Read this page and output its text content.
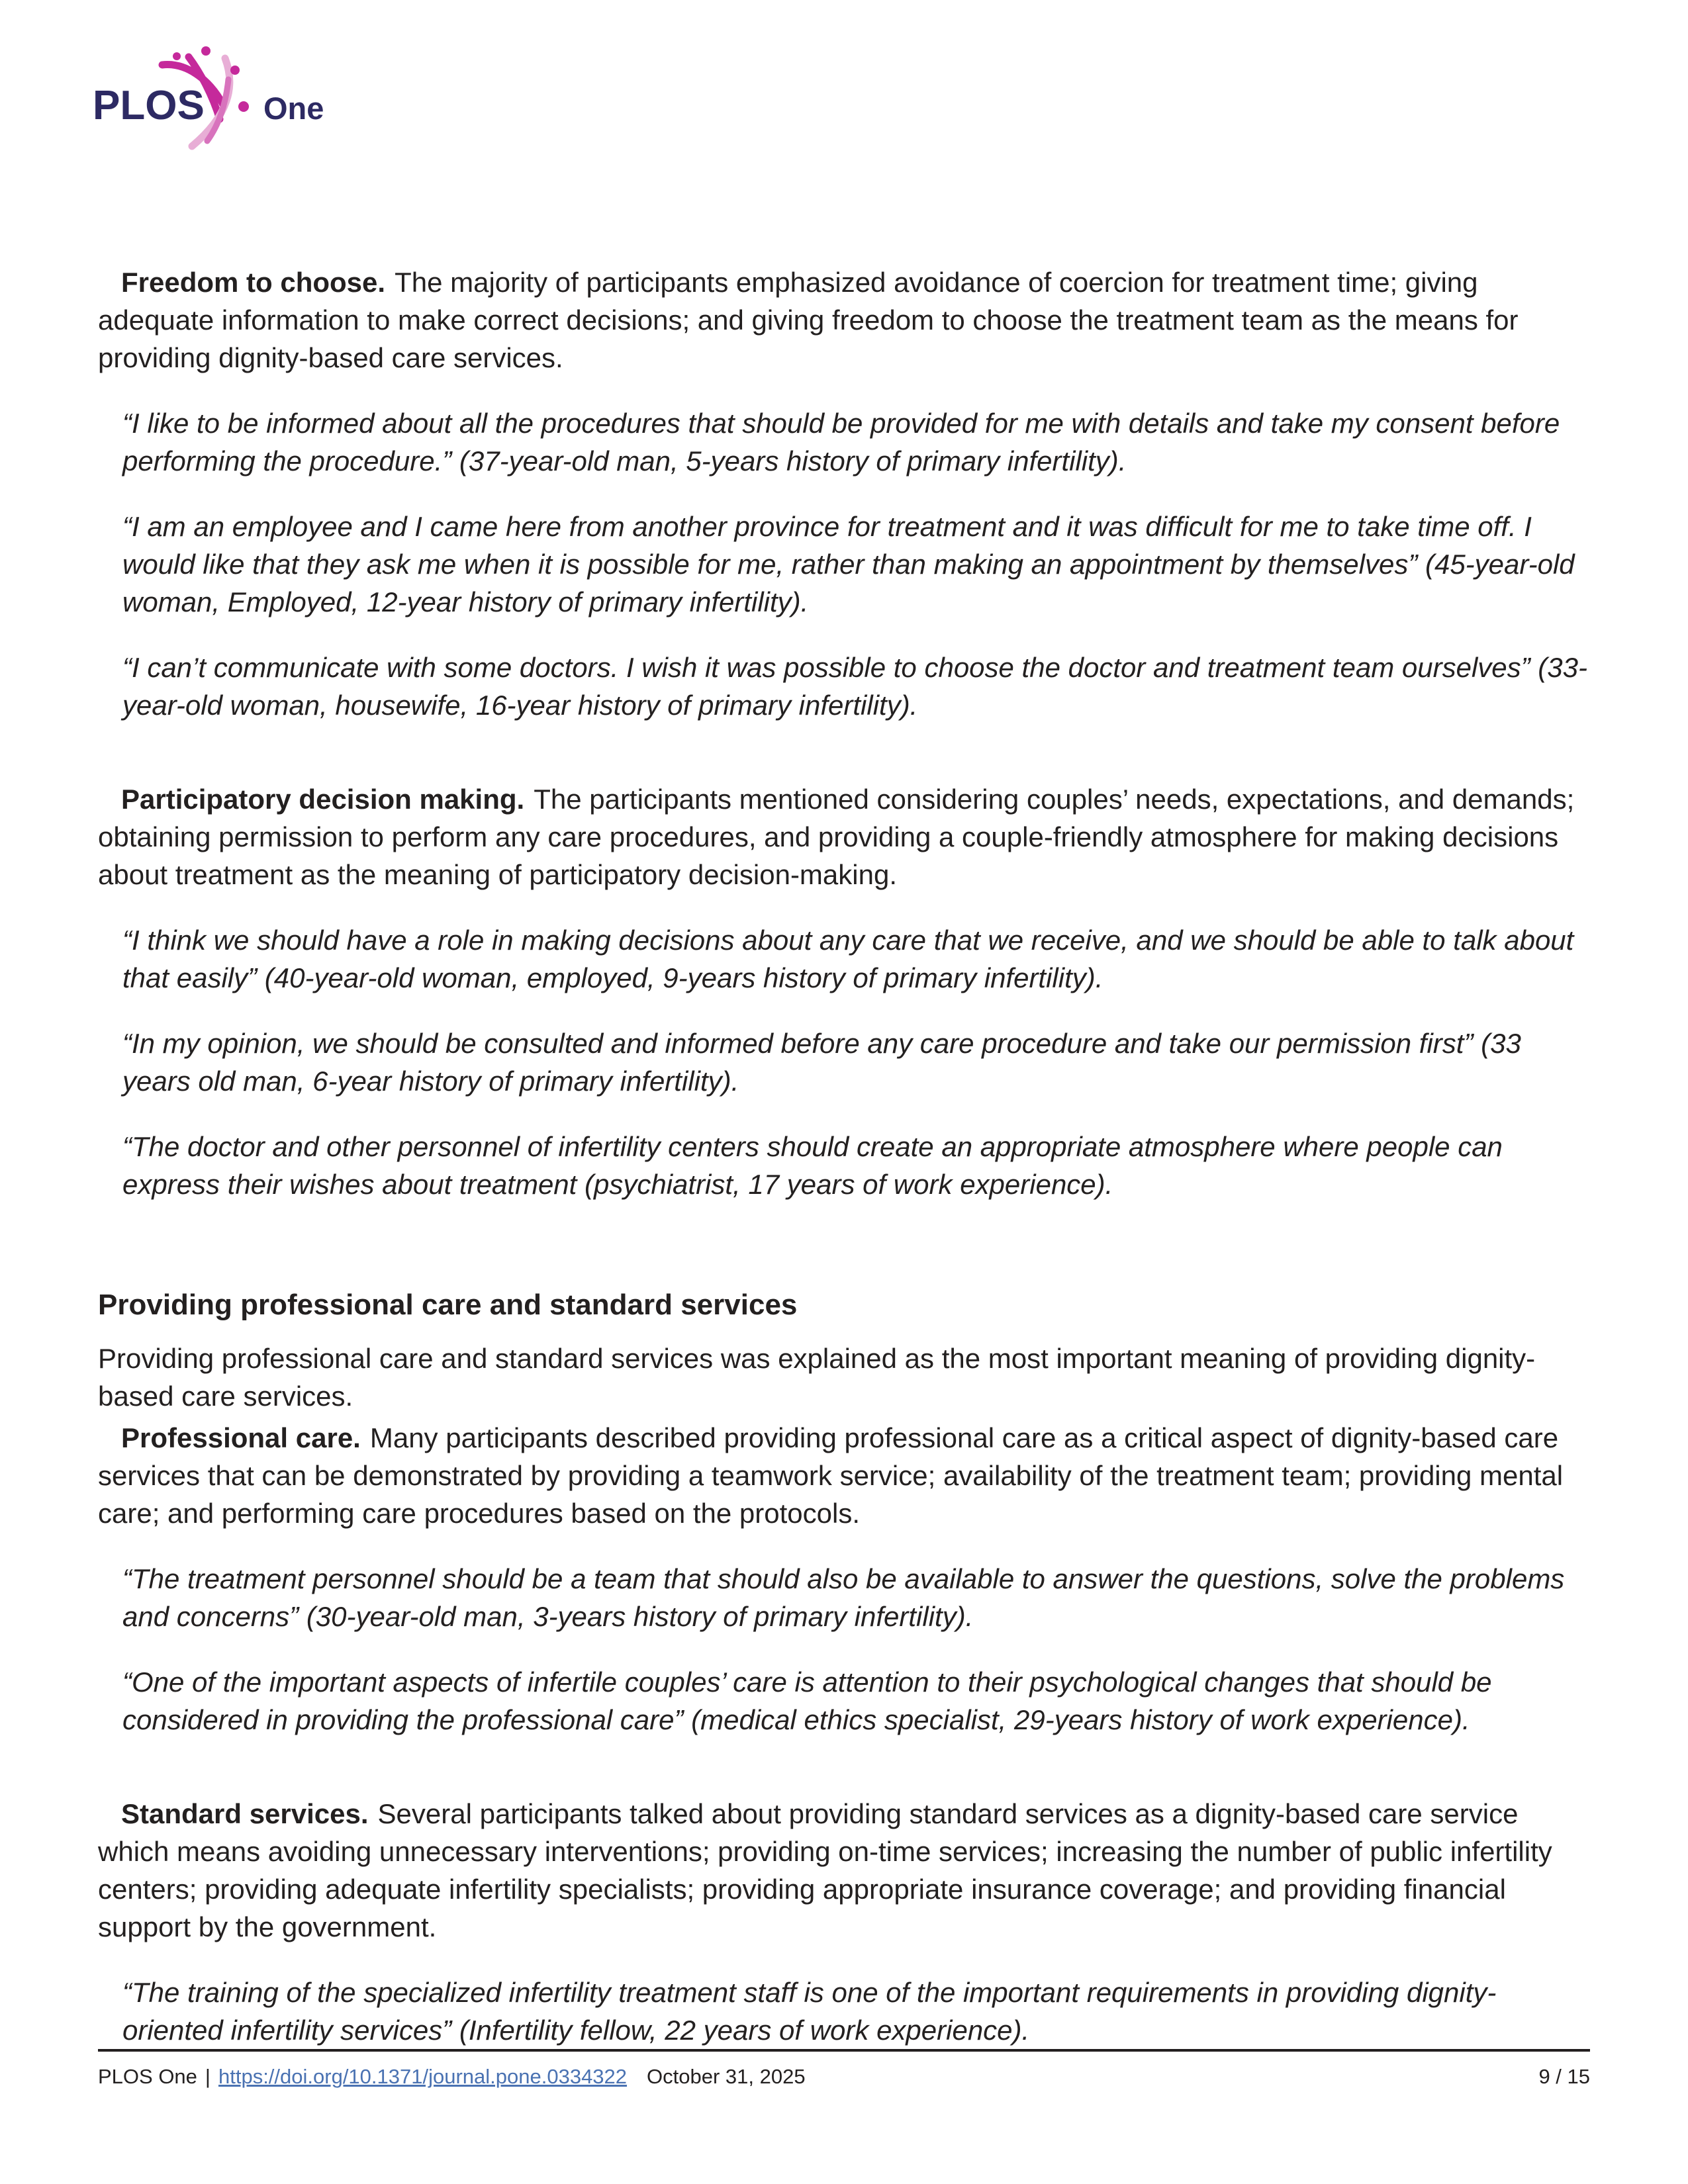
PLOS One

Freedom to choose. The majority of participants emphasized avoidance of coercion for treatment time; giving adequate information to make correct decisions; and giving freedom to choose the treatment team as the means for providing dignity-based care services.

“I like to be informed about all the procedures that should be provided for me with details and take my consent before performing the procedure.” (37-year-old man, 5-years history of primary infertility).
“I am an employee and I came here from another province for treatment and it was difficult for me to take time off. I would like that they ask me when it is possible for me, rather than making an appointment by themselves” (45-year-old woman, Employed, 12-year history of primary infertility).
“I can’t communicate with some doctors. I wish it was possible to choose the doctor and treatment team ourselves” (33-year-old woman, housewife, 16-year history of primary infertility).

Participatory decision making. The participants mentioned considering couples’ needs, expectations, and demands; obtaining permission to perform any care procedures, and providing a couple-friendly atmosphere for making decisions about treatment as the meaning of participatory decision-making.

“I think we should have a role in making decisions about any care that we receive, and we should be able to talk about that easily” (40-year-old woman, employed, 9-years history of primary infertility).
“In my opinion, we should be consulted and informed before any care procedure and take our permission first” (33 years old man, 6-year history of primary infertility).
“The doctor and other personnel of infertility centers should create an appropriate atmosphere where people can express their wishes about treatment (psychiatrist, 17 years of work experience).
Providing professional care and standard services

Providing professional care and standard services was explained as the most important meaning of providing dignity-based care services.

Professional care. Many participants described providing professional care as a critical aspect of dignity-based care services that can be demonstrated by providing a teamwork service; availability of the treatment team; providing mental care; and performing care procedures based on the protocols.

“The treatment personnel should be a team that should also be available to answer the questions, solve the problems and concerns” (30-year-old man, 3-years history of primary infertility).
“One of the important aspects of infertile couples’ care is attention to their psychological changes that should be considered in providing the professional care” (medical ethics specialist, 29-years history of work experience).

Standard services. Several participants talked about providing standard services as a dignity-based care service which means avoiding unnecessary interventions; providing on-time services; increasing the number of public infertility centers; providing adequate infertility specialists; providing appropriate insurance coverage; and providing financial support by the government.

“The training of the specialized infertility treatment staff is one of the important requirements in providing dignity-oriented infertility services” (Infertility fellow, 22 years of work experience).
PLOS One | https://doi.org/10.1371/journal.pone.0334322 October 31, 2025	9 / 15
